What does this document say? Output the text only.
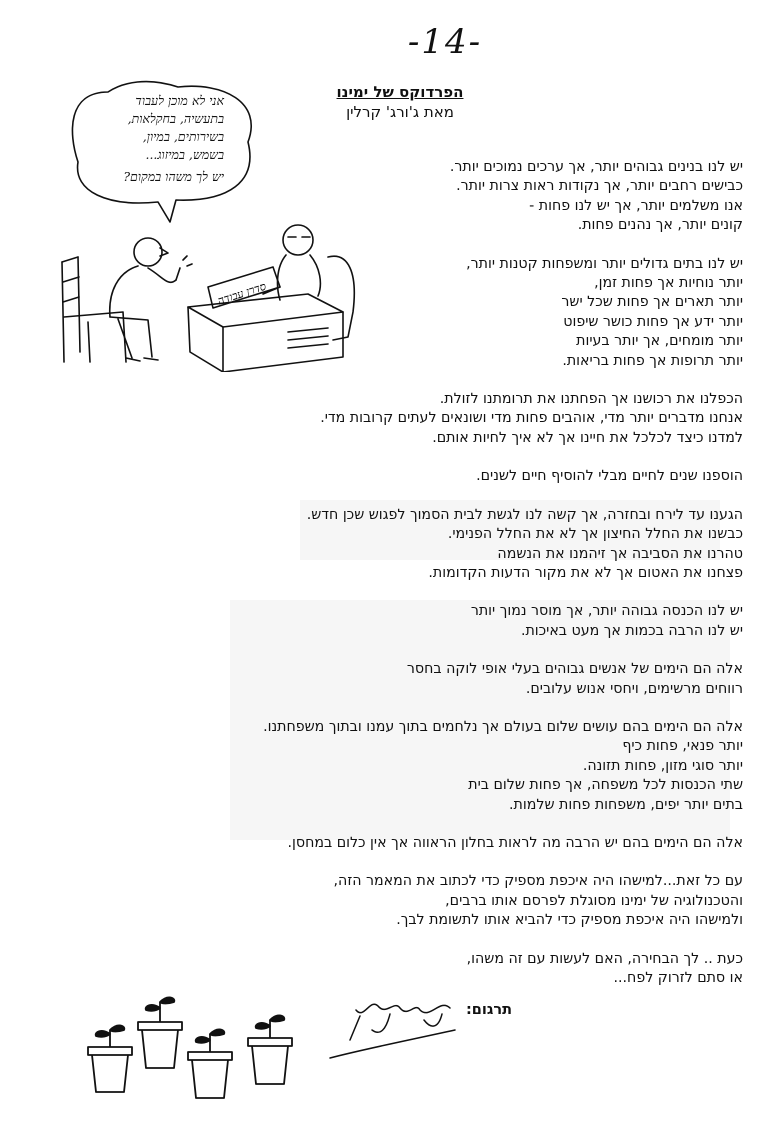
-14-

הפרדוקס של ימינו

מאת ג'ורג' קרלין

סדרן עבודה
אני לא מוכן לעבוד
בתעשיה, בחקלאות,
בשירותים, במיון,
בשמש, במיזוג...
יש לך משהו במקום?
יש לנו בנינים גבוהים יותר, אך ערכים נמוכים יותר.
כבישים רחבים יותר, אך נקודות ראות צרות יותר.
אנו משלמים יותר, אך יש לנו פחות -
קונים יותר, אך נהנים פחות.
יש לנו בתים גדולים יותר ומשפחות קטנות יותר,
יותר נוחיות אך פחות זמן,
יותר תארים אך פחות שכל ישר
יותר ידע אך פחות כושר שיפוט
יותר מומחים, אך יותר בעיות
יותר תרופות אך פחות בריאות.
הכפלנו את רכושנו אך הפחתנו את תרומתנו לזולת.
אנחנו מדברים יותר מדי, אוהבים פחות מדי ושונאים לעתים קרובות מדי.
למדנו כיצד לכלכל את חיינו אך לא איך לחיות אותם.
הוספנו שנים לחיים מבלי להוסיף חיים לשנים.
הגענו עד לירח ובחזרה, אך קשה לנו לגשת לבית הסמוך לפגוש שכן חדש.
כבשנו את החלל החיצון אך לא את החלל הפנימי.
טהרנו את הסביבה אך זיהמנו את הנשמה
פצחנו את האטום אך לא את מקור הדעות הקדומות.
יש לנו הכנסה גבוהה יותר, אך מוסר נמוך יותר
יש לנו הרבה בכמות אך מעט באיכות.
אלה הם הימים של אנשים גבוהים בעלי אופי לוקה בחסר
רווחים מרשימים, ויחסי אנוש עלובים.
אלה הם הימים בהם עושים שלום בעולם אך נלחמים בתוך עמנו ובתוך משפחתנו.
יותר פנאי, פחות כיף
יותר סוגי מזון, פחות תזונה.
שתי הכנסות לכל משפחה, אך פחות שלום בית
בתים יותר יפים, משפחות פחות שלמות.
אלה הם הימים בהם יש הרבה מה לראות בחלון הראווה אך אין כלום במחסן.
עם כל זאת...למישהו היה איכפת מספיק כדי לכתוב את המאמר הזה,
והטכנולוגיה של ימינו מסוגלת לפרסם אותו ברבים,
ולמישהו היה איכפת מספיק כדי להביא אותו לתשומת לבך.
כעת .. לך הבחירה, האם לעשות עם זה משהו,
או סתם לזרוק לפח...
תרגום:
